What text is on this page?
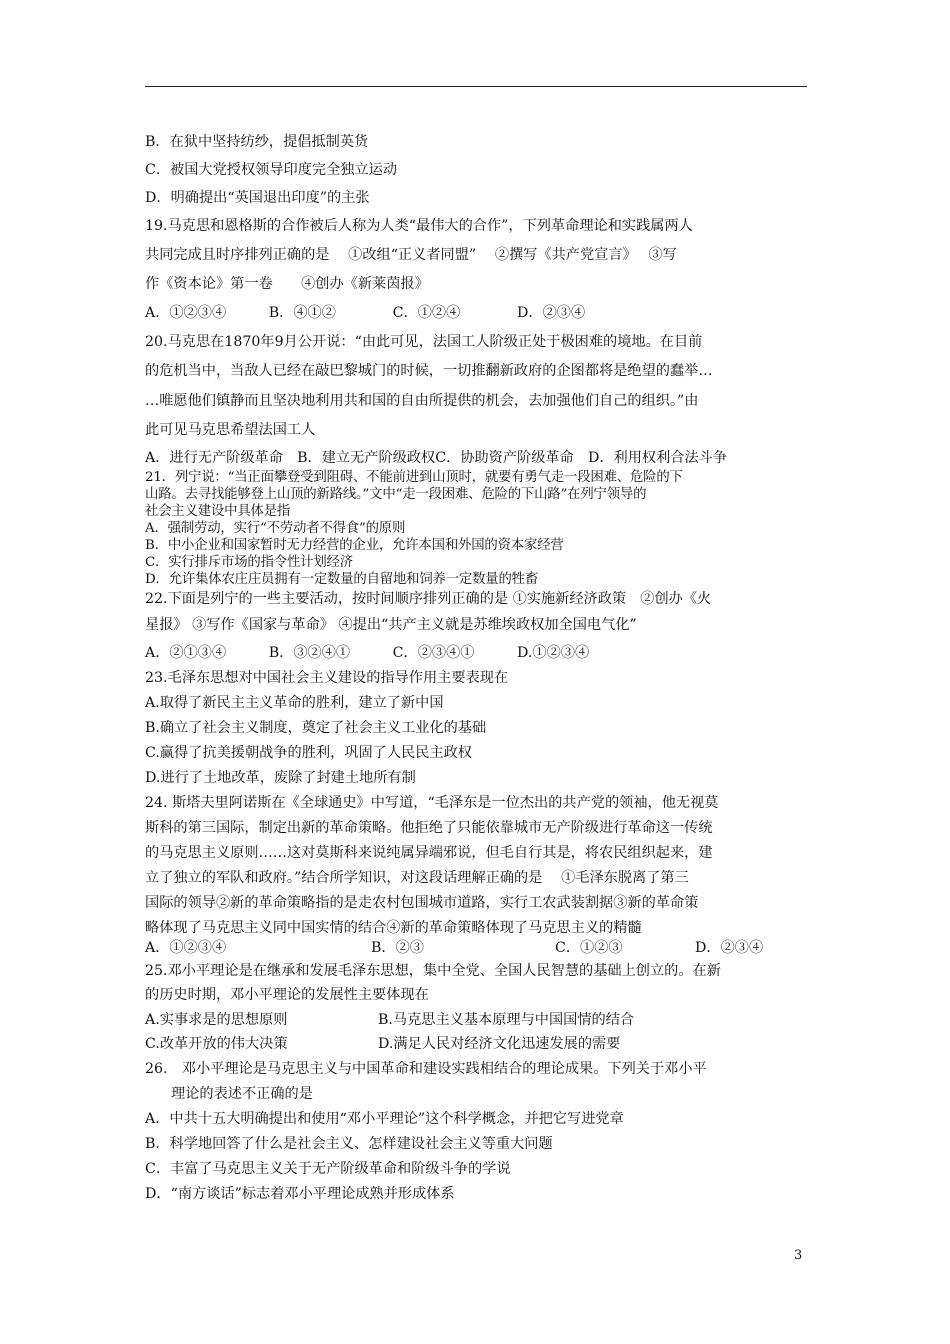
B．在狱中坚持纺纱，提倡抵制英货
C．被国大党授权领导印度完全独立运动
D．明确提出“英国退出印度”的主张
19.马克思和恩格斯的合作被后人称为人类“最伟大的合作”，下列革命理论和实践属两人
共同完成且时序排列正确的是　 ①改组“正义者同盟”　 ②撰写《共产党宣言》　 ③写
作《资本论》第一卷　　④创办《新莱茵报》
A．①②③④　　　B．④①②　　　　C．①②④　　　　D．②③④
20.马克思在1870年9月公开说：“由此可见，法国工人阶级正处于极困难的境地。在目前
的危机当中，当敌人已经在敲巴黎城门的时候，一切推翻新政府的企图都将是绝望的蠢举…
…唯愿他们镇静而且坚决地利用共和国的自由所提供的机会，去加强他们自己的组织。”由
此可见马克思希望法国工人
A．进行无产阶级革命　B．建立无产阶级政权C．协助资产阶级革命　D．利用权利合法斗争
21．列宁说：“当正面攀登受到阻碍、不能前进到山顶时，就要有勇气走一段困难、危险的下
山路。去寻找能够登上山顶的新路线。”文中“走一段困难、危险的下山路”在列宁领导的
社会主义建设中具体是指
A．强制劳动，实行“不劳动者不得食”的原则
B．中小企业和国家暂时无力经营的企业，允许本国和外国的资本家经营
C．实行排斥市场的指令性计划经济
D．允许集体农庄庄员拥有一定数量的自留地和饲养一定数量的牲畜
22.下面是列宁的一些主要活动，按时间顺序排列正确的是 ①实施新经济政策　②创办《火
星报》 ③写作《国家与革命》 ④提出“共产主义就是苏维埃政权加全国电气化”
A．②①③④　　　B．③②④①　　　C．②③④①　　　D.①②③④
23.毛泽东思想对中国社会主义建设的指导作用主要表现在
A.取得了新民主主义革命的胜利，建立了新中国
B.确立了社会主义制度，奠定了社会主义工业化的基础
C.赢得了抗美援朝战争的胜利，巩固了人民民主政权
D.进行了土地改革，废除了封建土地所有制
24. 斯塔夫里阿诺斯在《全球通史》中写道，“毛泽东是一位杰出的共产党的领袖，他无视莫
斯科的第三国际，制定出新的革命策略。他拒绝了只能依靠城市无产阶级进行革命这一传统
的马克思主义原则……这对莫斯科来说纯属异端邪说，但毛自行其是，将农民组织起来，建
立了独立的军队和政府。”结合所学知识，对这段话理解正确的是　 ①毛泽东脱离了第三
国际的领导②新的革命策略指的是走农村包围城市道路，实行工农武装割据③新的革命策
略体现了马克思主义同中国实情的结合④新的革命策略体现了马克思主义的精髓
A．①②③④	B．②③	C．①②③	D．②③④
25.邓小平理论是在继承和发展毛泽东思想，集中全党、全国人民智慧的基础上创立的。在新
的历史时期，邓小平理论的发展性主要体现在
A.实事求是的思想原则	B.马克思主义基本原理与中国国情的结合
C.改革开放的伟大决策	D.满足人民对经济文化迅速发展的需要
26.　邓小平理论是马克思主义与中国革命和建设实践相结合的理论成果。下列关于邓小平
理论的表述不正确的是
A．中共十五大明确提出和使用“邓小平理论”这个科学概念，并把它写进党章
B．科学地回答了什么是社会主义、怎样建设社会主义等重大问题
C．丰富了马克思主义关于无产阶级革命和阶级斗争的学说
D．“南方谈话”标志着邓小平理论成熟并形成体系
3
